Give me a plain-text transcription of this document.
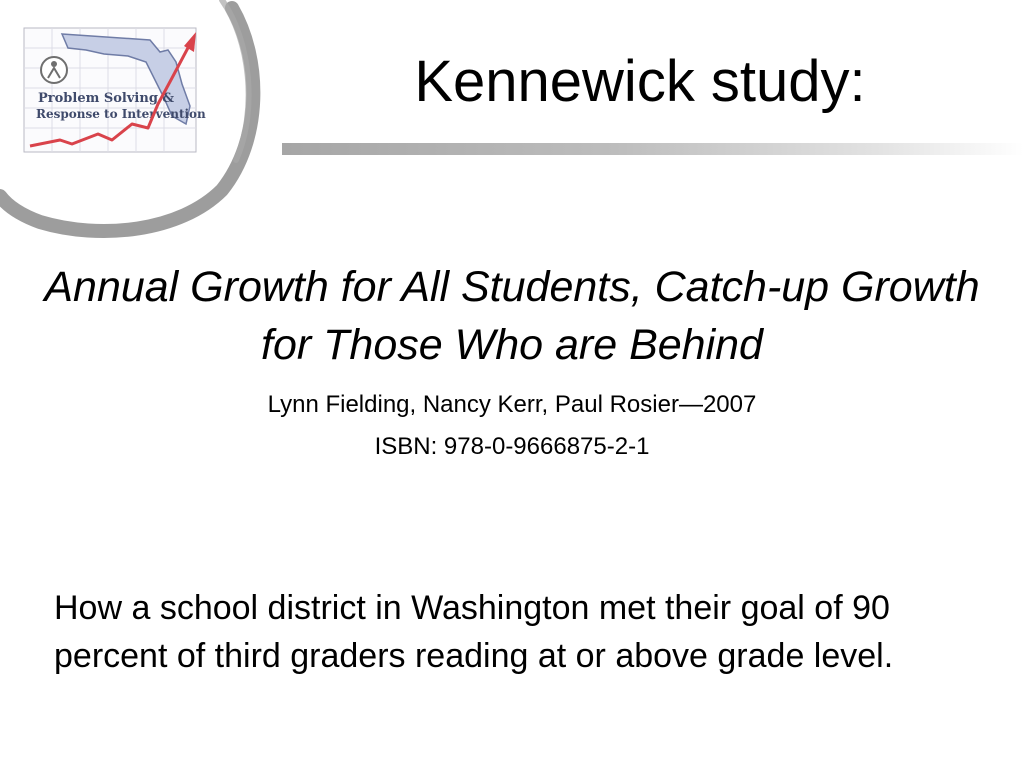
Problem Solving &
Response to Intervention	Kennewick study:

Annual Growth for All Students, Catch-up Growth for Those Who are Behind

Lynn Fielding, Nancy Kerr, Paul Rosier—2007

ISBN: 978-0-9666875-2-1

How a school district in Washington met their goal of 90 percent of third graders reading at or above grade level.
